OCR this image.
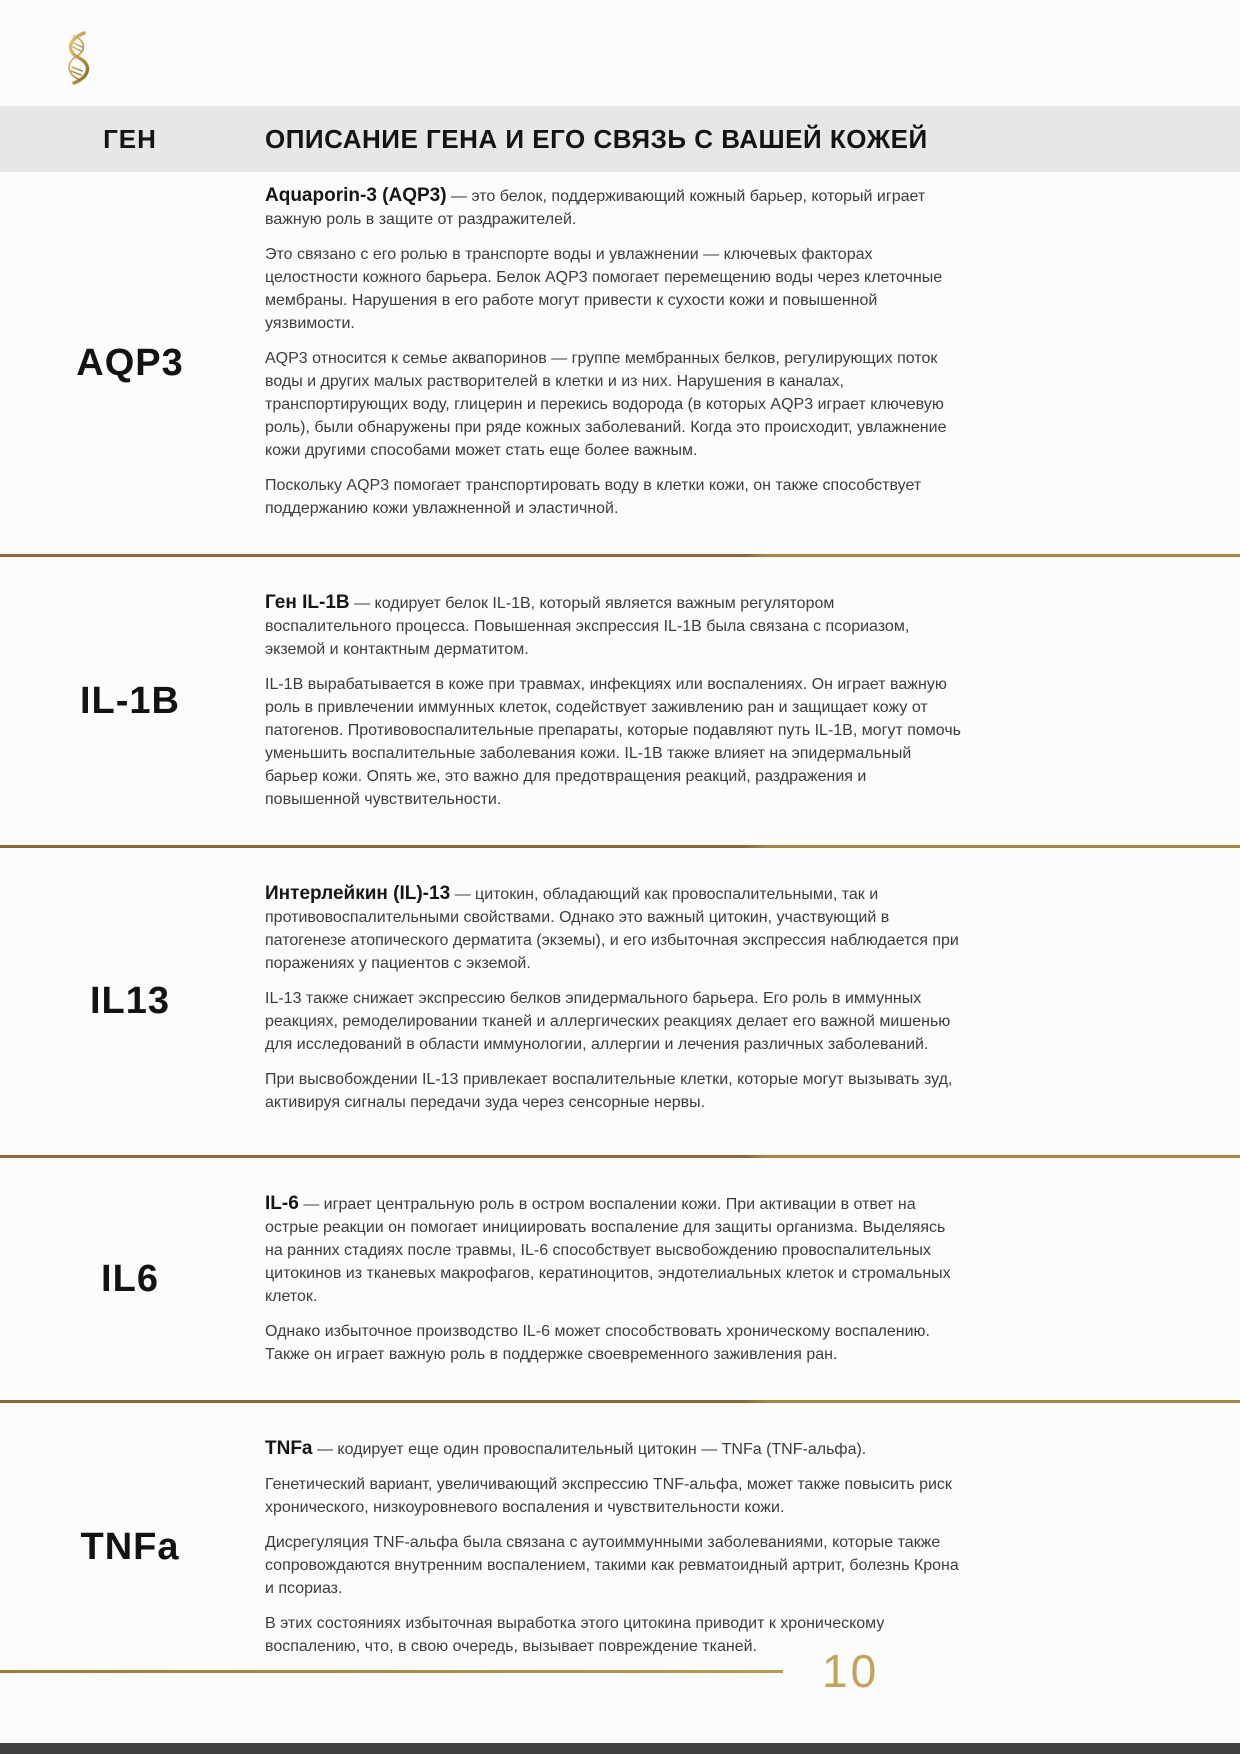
ГЕН	ОПИСАНИЕ ГЕНА И ЕГО СВЯЗЬ С ВАШЕЙ КОЖЕЙ
AQP3

Aquaporin-3 (AQP3) — это белок, поддерживающий кожный барьер, который играет важную роль в защите от раздражителей.

Это связано с его ролью в транспорте воды и увлажнении — ключевых факторах целостности кожного барьера. Белок AQP3 помогает перемещению воды через клеточные мембраны. Нарушения в его работе могут привести к сухости кожи и повышенной уязвимости.

AQP3 относится к семье аквапоринов — группе мембранных белков, регулирующих поток воды и других малых растворителей в клетки и из них. Нарушения в каналах, транспортирующих воду, глицерин и перекись водорода (в которых AQP3 играет ключевую роль), были обнаружены при ряде кожных заболеваний. Когда это происходит, увлажнение кожи другими способами может стать еще более важным.

Поскольку AQP3 помогает транспортировать воду в клетки кожи, он также способствует поддержанию кожи увлажненной и эластичной.

IL-1B

Ген IL-1B — кодирует белок IL-1B, который является важным регулятором воспалительного процесса. Повышенная экспрессия IL-1B была связана с псориазом, экземой и контактным дерматитом.

IL-1B вырабатывается в коже при травмах, инфекциях или воспалениях. Он играет важную роль в привлечении иммунных клеток, содействует заживлению ран и защищает кожу от патогенов. Противовоспалительные препараты, которые подавляют путь IL-1B, могут помочь уменьшить воспалительные заболевания кожи. IL-1B также влияет на эпидермальный барьер кожи. Опять же, это важно для предотвращения реакций, раздражения и повышенной чувствительности.

IL13

Интерлейкин (IL)-13 — цитокин, обладающий как провоспалительными, так и противовоспалительными свойствами. Однако это важный цитокин, участвующий в патогенезе атопического дерматита (экземы), и его избыточная экспрессия наблюдается при поражениях у пациентов с экземой.

IL-13 также снижает экспрессию белков эпидермального барьера. Его роль в иммунных реакциях, ремоделировании тканей и аллергических реакциях делает его важной мишенью для исследований в области иммунологии, аллергии и лечения различных заболеваний.

При высвобождении IL-13 привлекает воспалительные клетки, которые могут вызывать зуд, активируя сигналы передачи зуда через сенсорные нервы.

IL6

IL-6 — играет центральную роль в остром воспалении кожи. При активации в ответ на острые реакции он помогает инициировать воспаление для защиты организма. Выделяясь на ранних стадиях после травмы, IL-6 способствует высвобождению провоспалительных цитокинов из тканевых макрофагов, кератиноцитов, эндотелиальных клеток и стромальных клеток.

Однако избыточное производство IL-6 может способствовать хроническому воспалению. Также он играет важную роль в поддержке своевременного заживления ран.

TNFa

TNFa — кодирует еще один провоспалительный цитокин — TNFa (TNF-альфа).

Генетический вариант, увеличивающий экспрессию TNF-альфа, может также повысить риск хронического, низкоуровневого воспаления и чувствительности кожи.

Дисрегуляция TNF-альфа была связана с аутоиммунными заболеваниями, которые также сопровождаются внутренним воспалением, такими как ревматоидный артрит, болезнь Крона и псориаз.

В этих состояниях избыточная выработка этого цитокина приводит к хроническому воспалению, что, в свою очередь, вызывает повреждение тканей.	10
